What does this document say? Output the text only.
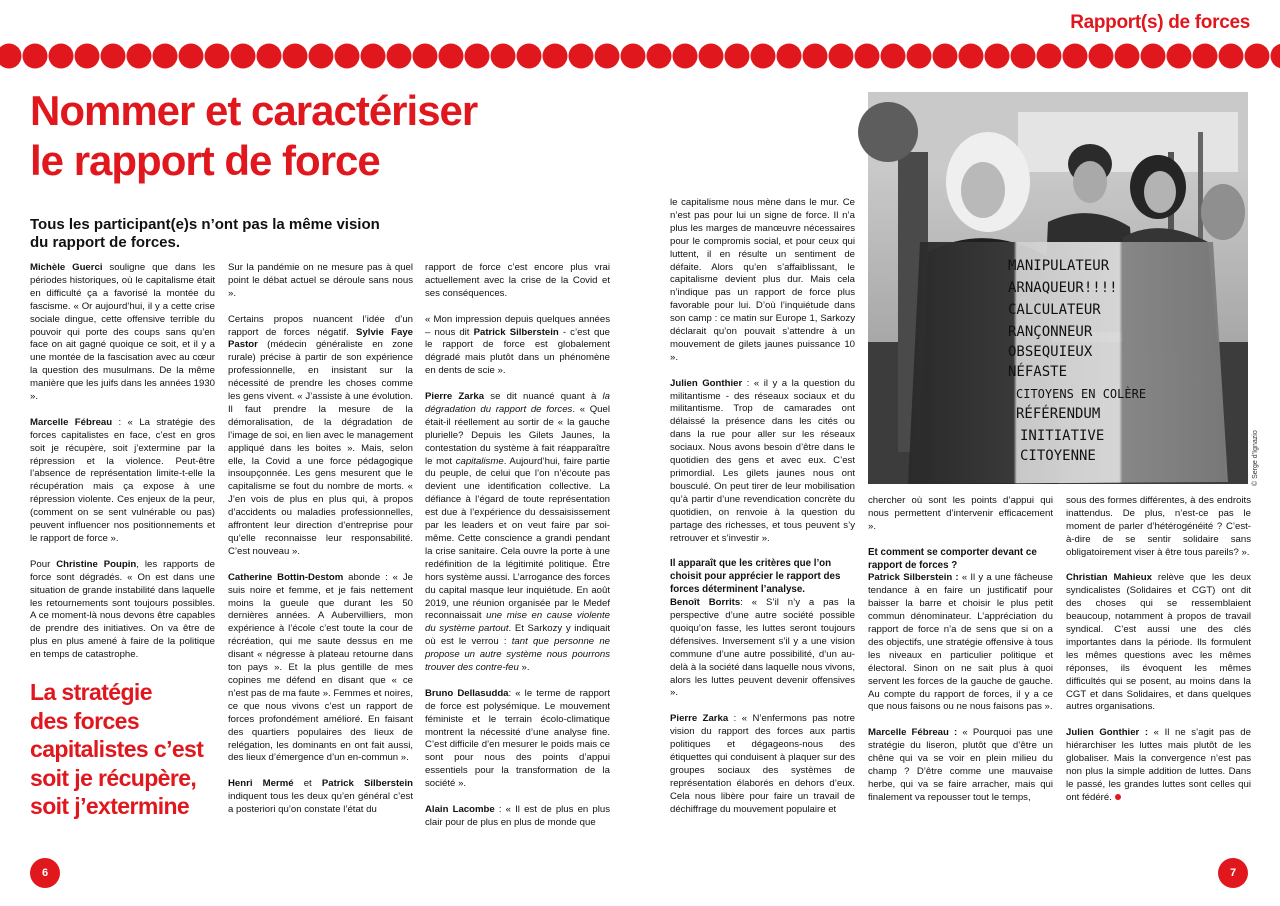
Rapport(s) de forces
Nommer et caractériser
le rapport de force
Tous les participant(e)s n’ont pas la même vision du rapport de forces.

Michèle Guerci souligne que dans les périodes historiques, où le capitalisme était en difficulté ça a favorisé la montée du fascisme. « Or aujourd’hui, il y a cette crise sociale dingue, cette offensive terrible du pouvoir qui porte des coups sans qu’en face on ait gagné quoique ce soit, et il y a une montée de la fascisation avec au cœur la question des musulmans. De la même manière que les juifs dans les années 1930 ».

Marcelle Fébreau : « La stratégie des forces capitalistes en face, c’est en gros soit je récupère, soit j’extermine par la répression et la violence. Peut-être l’absence de représentation limite-t-elle la récupération mais ça expose à une répression violente. Ces enjeux de la peur, (comment on se sent vulnérable ou pas) peuvent influencer nos positionnements et le rapport de force ».

Pour Christine Poupin, les rapports de force sont dégradés. « On est dans une situation de grande instabilité dans laquelle les retournements sont toujours possibles. A ce moment-là nous devons être capables de prendre des initiatives. On va être de plus en plus amené à faire de la politique en temps de catastrophe.

La stratégie
des forces
capitalistes c’est
soit je récupère,
soit j’extermine

Sur la pandémie on ne mesure pas à quel point le débat actuel se déroule sans nous ».

Certains propos nuancent l’idée d’un rapport de forces négatif. Sylvie Faye Pastor (médecin généraliste en zone rurale) précise à partir de son expérience professionnelle, en insistant sur la nécessité de prendre les choses comme les gens vivent. « J’assiste à une évolution. Il faut prendre la mesure de la démoralisation, de la dégradation de l’image de soi, en lien avec le management appliqué dans les boites ». Mais, selon elle, la Covid a une force pédagogique insoupçonnée. Les gens mesurent que le capitalisme se fout du nombre de morts. « J’en vois de plus en plus qui, à propos d’accidents ou maladies professionnelles, affrontent leur direction d’entreprise pour qu’elle reconnaisse leur responsabilité. C’est nouveau ».

Catherine Bottin-Destom abonde : « Je suis noire et femme, et je fais nettement moins la gueule que durant les 50 dernières années. A Aubervilliers, mon expérience à l’école c’est toute la cour de récréation, qui me saute dessus en me disant « négresse à plateau retourne dans ton pays ». Et la plus gentille de mes copines me défend en disant que « ce n’est pas de ma faute ». Femmes et noires, ce que nous vivons c’est un rapport de forces profondément amélioré. En faisant des quartiers populaires des lieux de relégation, les dominants en ont fait aussi, des lieux d’émergence d’un en-commun ».

Henri Mermé et Patrick Silberstein indiquent tous les deux qu’en général c’est a posteriori qu’on constate l’état du

rapport de force c’est encore plus vrai actuellement avec la crise de la Covid et ses conséquences.

« Mon impression depuis quelques années – nous dit Patrick Silberstein - c’est que le rapport de force est globalement dégradé mais plutôt dans un phénomène en dents de scie ».

Pierre Zarka se dit nuancé quant à la dégradation du rapport de forces. « Quel était-il réellement au sortir de « la gauche plurielle? Depuis les Gilets Jaunes, la contestation du système à fait réapparaître le mot capitalisme. Aujourd’hui, faire partie du peuple, de celui que l’on n’écoute pas devient une identification collective. La défiance à l’égard de toute représentation est due à l’expérience du dessaisissement par les leaders et on veut faire par soi-même. Cette conscience a grandi pendant la crise sanitaire. Cela ouvre la porte à une redéfinition de la légitimité politique. Être hors système aussi. L’arrogance des forces du capital masque leur inquiétude. En août 2019, une réunion organisée par le Medef reconnaissait une mise en cause violente du système partout. Et Sarkozy y indiquait où est le verrou : tant que personne ne propose un autre système nous pourrons trouver des contre-feu ».

Bruno Dellasudda: « le terme de rapport de force est polysémique. Le mouvement féministe et le terrain écolo-climatique montrent la nécessité d’une analyse fine. C’est difficile d’en mesurer le poids mais ce sont pour nous des points d’appui essentiels pour la transformation de la société ».

Alain Lacombe : « Il est de plus en plus clair pour de plus en plus de monde que

le capitalisme nous mène dans le mur. Ce n’est pas pour lui un signe de force. Il n’a plus les marges de manœuvre nécessaires pour le compromis social, et pour ceux qui luttent, il en résulte un sentiment de défaite. Alors qu’en s’affaiblissant, le capitalisme devient plus dur. Mais cela n’indique pas un rapport de force plus favorable pour lui. D’où l’inquiétude dans son camp : ce matin sur Europe 1, Sarkozy déclarait qu’on pouvait s’attendre à un mouvement de gilets jaunes puissance 10 ».

Julien Gonthier : « il y a la question du militantisme - des réseaux sociaux et du militantisme. Trop de camarades ont délaissé la présence dans les cités ou dans la rue pour aller sur les réseaux sociaux. Nous avons besoin d’être dans le quotidien des gens et avec eux. C’est primordial. Les gilets jaunes nous ont bousculé. On peut tirer de leur mobilisation qu’à partir d’une revendication concrète du quotidien, on renvoie à la question du partage des richesses, et tous peuvent s’y retrouver et s’investir ».

Il apparaît que les critères que l’on choisit pour apprécier le rapport des forces déterminent l’analyse.

Benoît Borrits: « S’il n’y a pas la perspective d’une autre société possible quoiqu’on fasse, les luttes seront toujours défensives. Inversement s’il y a une vision commune d’une autre possibilité, d’un au-delà à la société dans laquelle nous vivons, alors les luttes peuvent devenir offensives ».

Pierre Zarka : « N’enfermons pas notre vision du rapport des forces aux partis politiques et dégageons-nous des étiquettes qui conduisent à plaquer sur des groupes sociaux des systèmes de représentation élaborés en dehors d’eux. Cela nous libère pour faire un travail de déchiffrage du mouvement populaire et

chercher où sont les points d’appui qui nous permettent d’intervenir efficacement ».

Et comment se comporter devant ce rapport de forces ?

Patrick Silberstein : « Il y a une fâcheuse tendance à en faire un justificatif pour baisser la barre et choisir le plus petit commun dénominateur. L’appréciation du rapport de force n’a de sens que si on a des objectifs, une stratégie offensive à tous les niveaux en particulier politique et électoral. Sinon on ne sait plus à quoi servent les forces de la gauche de gauche. Au compte du rapport de forces, il y a ce que nous faisons ou ne nous faisons pas ».

Marcelle Fébreau : « Pourquoi pas une stratégie du liseron, plutôt que d’être un chêne qui va se voir en plein milieu du champ ? D’être comme une mauvaise herbe, qui va se faire arracher, mais qui finalement va repousser tout le temps,

sous des formes différentes, à des endroits inattendus. De plus, n’est-ce pas le moment de parler d’hétérogénéité ? C’est-à-dire de se sentir solidaire sans obligatoirement viser à être tous pareils? ».

Christian Mahieux relève que les deux syndicalistes (Solidaires et CGT) ont dit des choses qui se ressemblaient beaucoup, notamment à propos de travail syndical. C’est aussi une des clés importantes dans la période. Ils formulent les mêmes questions avec les mêmes réponses, ils évoquent les mêmes difficultés qui se posent, au moins dans la CGT et dans Solidaires, et dans quelques autres organisations.

Julien Gonthier : « Il ne s’agit pas de hiérarchiser les luttes mais plutôt de les globaliser. Mais la convergence n’est pas non plus la simple addition de luttes. Dans le passé, les grandes luttes sont celles qui ont fédéré.

MANIPULATEUR
ARNAQUEUR!!!!
CALCULATEUR
RANÇONNEUR
OBSEQUIEUX
NÉFASTE
CITOYENS EN COLÈRE
RÉFÉRENDUM
INITIATIVE
CITOYENNE	© Serge d’Ignazio
6	7
